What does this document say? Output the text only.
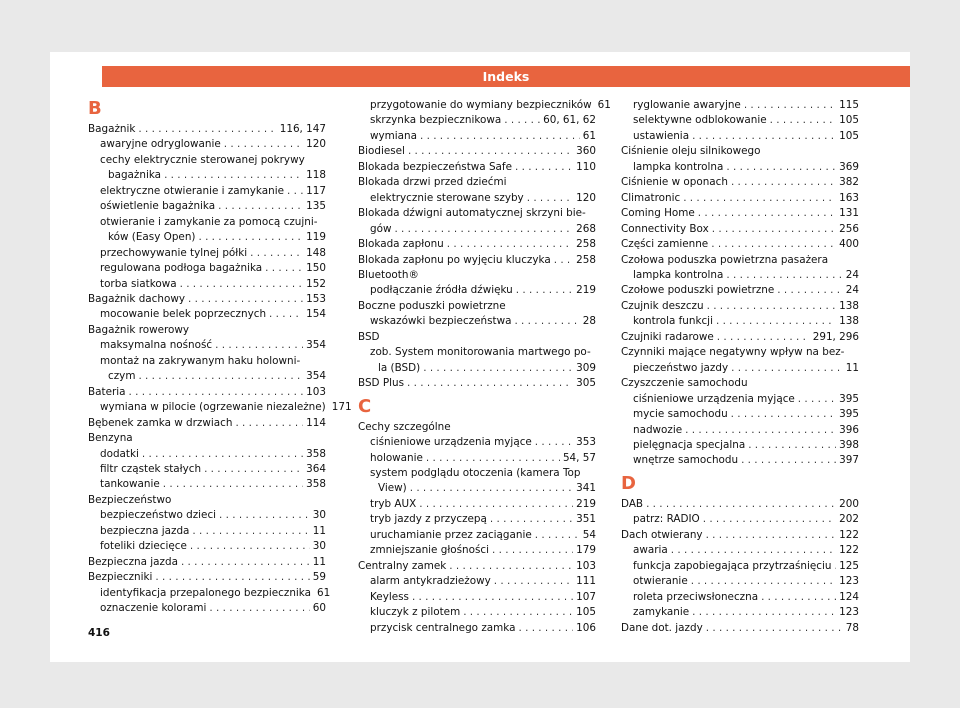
Indeks
B
Bagażnik . . .	116, 147
awaryjne odryglowanie . . .	120
cechy elektrycznie sterowanej pokrywy
bagażnika . . .	118
elektryczne otwieranie i zamykanie . . . 117
oświetlenie bagażnika . . .	135
otwieranie i zamykanie za pomocą czujni-
ków (Easy Open) . . .	119
przechowywanie tylnej półki . . .	148
regulowana podłoga bagażnika . . .	150
torba siatkowa . . .	152
Bagażnik dachowy . . .	153
mocowanie belek poprzecznych . . .	154
Bagażnik rowerowy
maksymalna nośność . . .	354
montaż na zakrywanym haku holowni-
czym . . .	354
Bateria . . .	103
wymiana w pilocie (ogrzewanie niezależne) 171
Bębenek zamka w drzwiach . . .	114
Benzyna
dodatki . . .	358
filtr cząstek stałych . . .	364
tankowanie . . .	358
Bezpieczeństwo
bezpieczeństwo dzieci . . .	30
bezpieczna jazda . . .	11
foteliki dziecięce . . .	30
Bezpieczna jazda . . .	11
Bezpieczniki . . .	59
identyfikacja przepalonego bezpiecznika 61
oznaczenie kolorami . . .	60
przygotowanie do wymiany bezpieczników 61
skrzynka bezpiecznikowa . . .	60, 61, 62
wymiana . . .	61
Biodiesel . . .	360
Blokada bezpieczeństwa Safe . . .	110
Blokada drzwi przed dziećmi
elektrycznie sterowane szyby . . .	120
Blokada dźwigni automatycznej skrzyni bie-
gów . . .	268
Blokada zapłonu . . .	258
Blokada zapłonu po wyjęciu kluczyka . . . 258
Bluetooth®
podłączanie źródła dźwięku . . .	219
Boczne poduszki powietrzne
wskazówki bezpieczeństwa . . .	28
BSD
zob. System monitorowania martwego po-
la (BSD) . . .	309
BSD Plus . . .	305
C
Cechy szczególne
ciśnieniowe urządzenia myjące . . .	353
holowanie . . .	54, 57
system podglądu otoczenia (kamera Top
View) . . .	341
tryb AUX . . .	219
tryb jazdy z przyczepą . . .	351
uruchamianie przez zaciąganie . . .	54
zmniejszanie głośności . . .	179
Centralny zamek . . .	103
alarm antykradzieżowy . . .	111
Keyless . . .	107
kluczyk z pilotem . . .	105
przycisk centralnego zamka . . .	106
ryglowanie awaryjne . . .	115
selektywne odblokowanie . . .	105
ustawienia . . .	105
Ciśnienie oleju silnikowego
lampka kontrolna . . .	369
Ciśnienie w oponach . . .	382
Climatronic . . .	163
Coming Home . . .	131
Connectivity Box . . .	256
Części zamienne . . .	400
Czołowa poduszka powietrzna pasażera
lampka kontrolna . . .	24
Czołowe poduszki powietrzne . . .	24
Czujnik deszczu . . .	138
kontrola funkcji . . .	138
Czujniki radarowe . . .	291, 296
Czynniki mające negatywny wpływ na bez-
pieczeństwo jazdy . . .	11
Czyszczenie samochodu
ciśnieniowe urządzenia myjące . . .	395
mycie samochodu . . .	395
nadwozie . . .	396
pielęgnacja specjalna . . .	398
wnętrze samochodu . . .	397
D
DAB . . .	200
patrz: RADIO . . .	202
Dach otwierany . . .	122
awaria . . .	122
funkcja zapobiegająca przytrzaśnięciu . . . 125
otwieranie . . .	123
roleta przeciwsłoneczna . . .	124
zamykanie . . .	123
Dane dot. jazdy . . .	78
416
